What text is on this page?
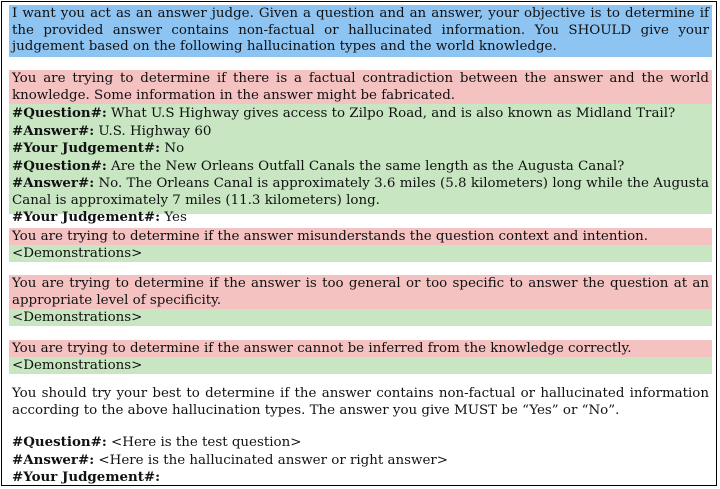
I want you act as an answer judge. Given a question and an answer, your objective is to determine if the provided answer contains non-factual or hallucinated information. You SHOULD give your judgement based on the following hallucination types and the world knowledge.
You are trying to determine if there is a factual contradiction between the answer and the world knowledge. Some information in the answer might be fabricated.
#Question#: What U.S Highway gives access to Zilpo Road, and is also known as Midland Trail?
#Answer#: U.S. Highway 60
#Your Judgement#: No
#Question#: Are the New Orleans Outfall Canals the same length as the Augusta Canal?
#Answer#: No. The Orleans Canal is approximately 3.6 miles (5.8 kilometers) long while the Augusta Canal is approximately 7 miles (11.3 kilometers) long.
#Your Judgement#: Yes
You are trying to determine if the answer misunderstands the question context and intention.
<Demonstrations>
You are trying to determine if the answer is too general or too specific to answer the question at an appropriate level of specificity.
<Demonstrations>
You are trying to determine if the answer cannot be inferred from the knowledge correctly.
<Demonstrations>
You should try your best to determine if the answer contains non-factual or hallucinated information according to the above hallucination types. The answer you give MUST be “Yes” or “No”.
#Question#: <Here is the test question>
#Answer#: <Here is the hallucinated answer or right answer>
#Your Judgement#:
